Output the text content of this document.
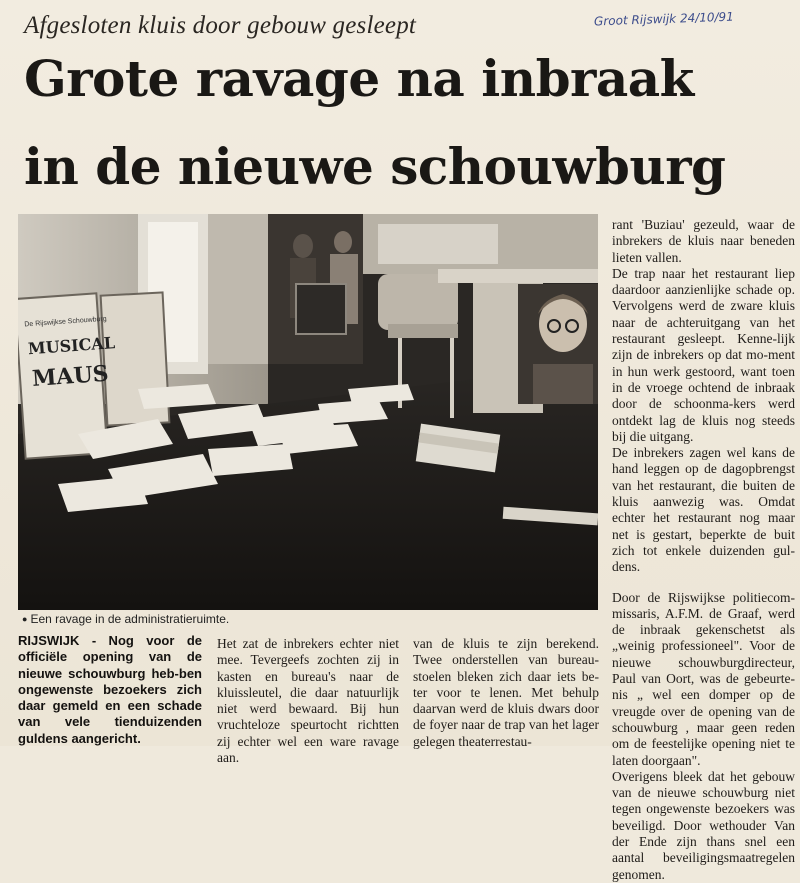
Afgesloten kluis door gebouw gesleept	Groot Rijswijk 24/10/91
Grote ravage na inbraak
in de nieuwe schouwburg
De Rijswijkse Schouwburg
MUSICAL
MAUS
● Een ravage in de administratieruimte.
RIJSWIJK - Nog voor de officiële opening van de nieuwe schouwburg heb-ben ongewenste bezoekers zich daar gemeld en een schade van vele tienduizenden guldens aangericht.

Het zat de inbrekers echter niet mee. Tevergeefs zochten zij in kasten en bureau's naar de kluissleutel, die daar natuurlijk niet werd bewaard. Bij hun vruchteloze speurtocht richtten zij echter wel een ware ravage aan.

van de kluis te zijn berekend. Twee onderstellen van bureau-stoelen bleken zich daar iets be-ter voor te lenen. Met behulp daarvan werd de kluis dwars door de foyer naar de trap van het lager gelegen theaterrestau-

rant 'Buziau' gezeuld, waar de inbrekers de kluis naar beneden lieten vallen.

De trap naar het restaurant liep daardoor aanzienlijke schade op. Vervolgens werd de zware kluis naar de achteruitgang van het restaurant gesleept. Kenne-lijk zijn de inbrekers op dat mo-ment in hun werk gestoord, want toen in de vroege ochtend de inbraak door de schoonma-kers werd ontdekt lag de kluis nog steeds bij die uitgang.

De inbrekers zagen wel kans de hand leggen op de dagopbrengst van het restaurant, die buiten de kluis aanwezig was. Omdat echter het restaurant nog maar net is gestart, beperkte de buit zich tot enkele duizenden gul-dens.

Door de Rijswijkse politiecom-missaris, A.F.M. de Graaf, werd de inbraak gekenschetst als „weinig professioneel". Voor de nieuwe schouwburgdirecteur, Paul van Oort, was de gebeurte-nis „ wel een domper op de vreugde over de opening van de schouwburg , maar geen reden om de feestelijke opening niet te laten doorgaan".

Overigens bleek dat het gebouw van de nieuwe schouwburg niet tegen ongewenste bezoekers was beveiligd. Door wethouder Van der Ende zijn thans snel een aantal beveiligingsmaatregelen genomen.
